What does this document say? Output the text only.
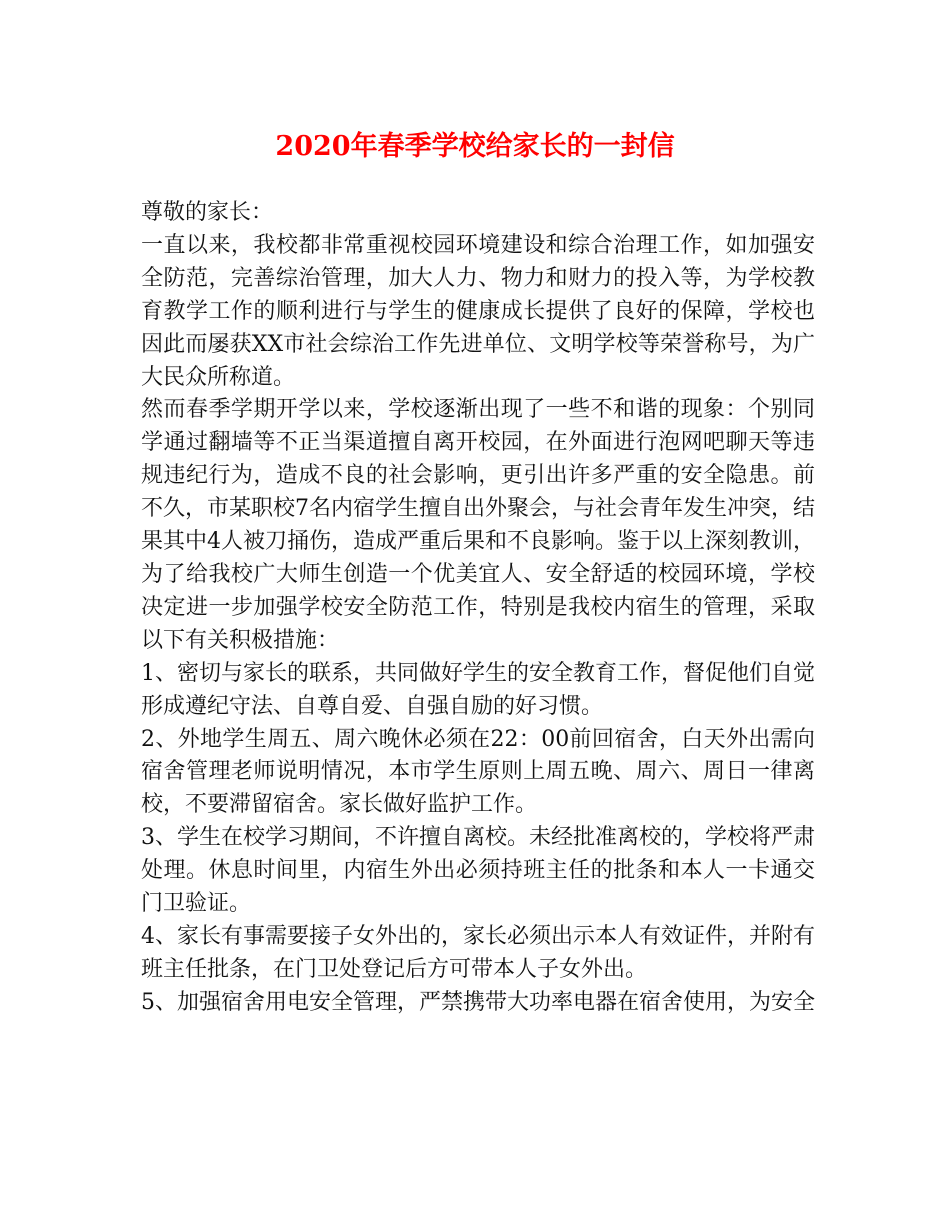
2020年春季学校给家长的一封信

尊敬的家长：

一直以来，我校都非常重视校园环境建设和综合治理工作，如加强安全防范，完善综治管理，加大人力、物力和财力的投入等，为学校教育教学工作的顺利进行与学生的健康成长提供了良好的保障，学校也因此而屡获XX市社会综治工作先进单位、文明学校等荣誉称号，为广大民众所称道。

然而春季学期开学以来，学校逐渐出现了一些不和谐的现象：个别同学通过翻墙等不正当渠道擅自离开校园，在外面进行泡网吧聊天等违规违纪行为，造成不良的社会影响，更引出许多严重的安全隐患。前不久，市某职校7名内宿学生擅自出外聚会，与社会青年发生冲突，结果其中4人被刀捅伤，造成严重后果和不良影响。鉴于以上深刻教训，为了给我校广大师生创造一个优美宜人、安全舒适的校园环境，学校决定进一步加强学校安全防范工作，特别是我校内宿生的管理，采取以下有关积极措施：

1、密切与家长的联系，共同做好学生的安全教育工作，督促他们自觉形成遵纪守法、自尊自爱、自强自励的好习惯。

2、外地学生周五、周六晚休必须在22：00前回宿舍，白天外出需向宿舍管理老师说明情况，本市学生原则上周五晚、周六、周日一律离校，不要滞留宿舍。家长做好监护工作。

3、学生在校学习期间，不许擅自离校。未经批准离校的，学校将严肃处理。休息时间里，内宿生外出必须持班主任的批条和本人一卡通交门卫验证。

4、家长有事需要接子女外出的，家长必须出示本人有效证件，并附有班主任批条，在门卫处登记后方可带本人子女外出。

5、加强宿舍用电安全管理，严禁携带大功率电器在宿舍使用，为安全
